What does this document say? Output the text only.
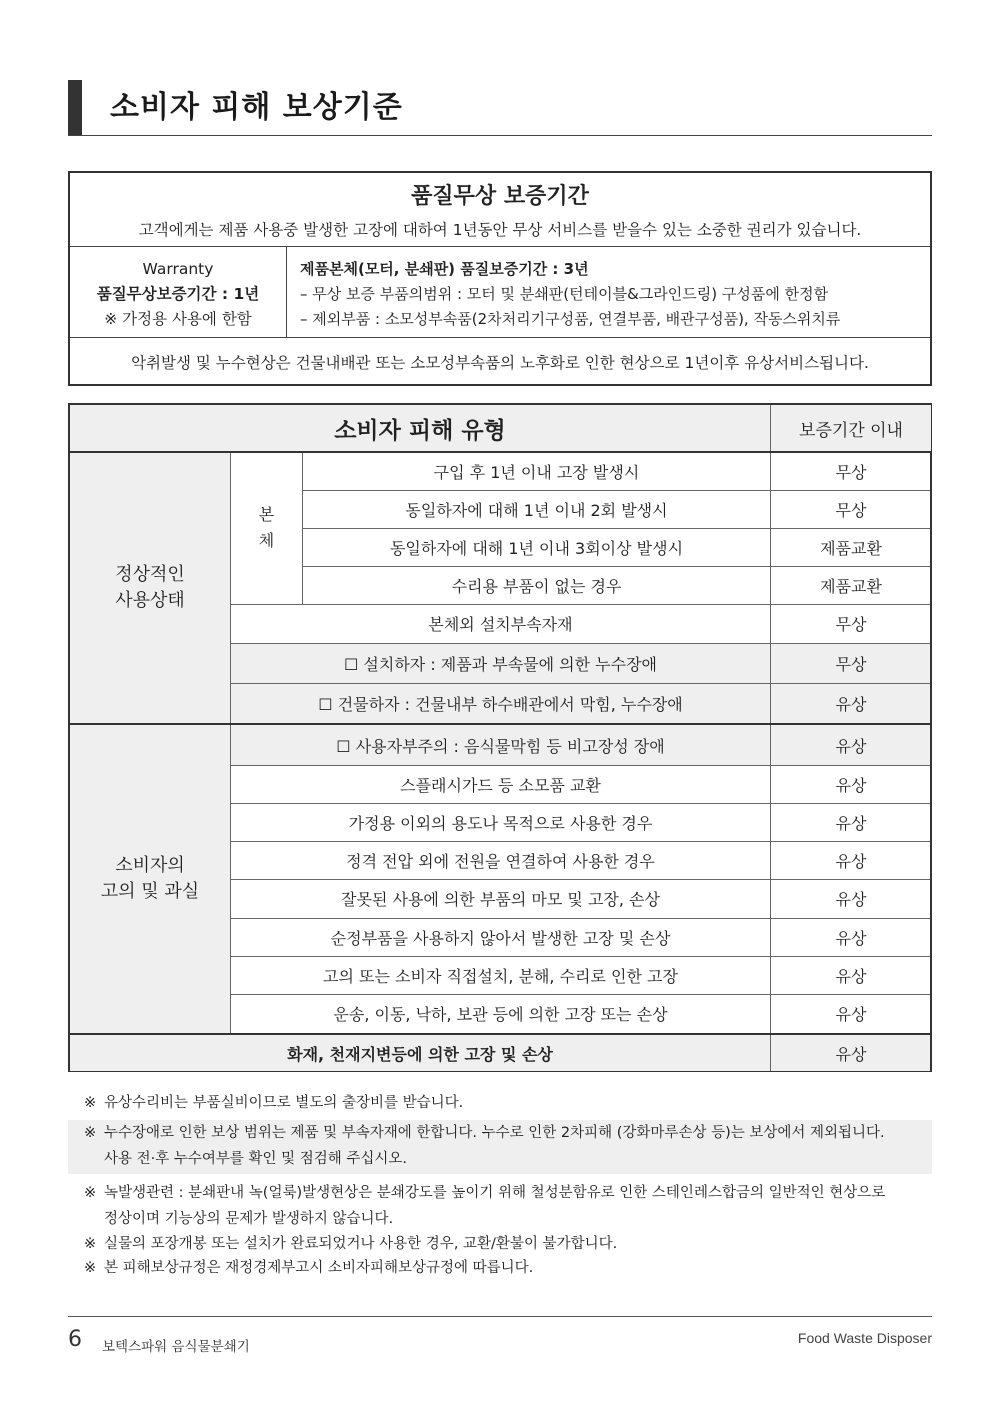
소비자 피해 보상기준
품질무상 보증기간
고객에게는 제품 사용중 발생한 고장에 대하여 1년동안 무상 서비스를 받을수 있는 소중한 권리가 있습니다.
Warranty
품질무상보증기간 : 1년
※ 가정용 사용에 한함
제품본체(모터, 분쇄판) 품질보증기간 : 3년
– 무상 보증 부품의범위 : 모터 및 분쇄판(턴테이블&그라인드링) 구성품에 한정함
– 제외부품 : 소모성부속품(2차처리기구성품, 연결부품, 배관구성품), 작동스위치류
악취발생 및 누수현상은 건물내배관 또는 소모성부속품의 노후화로 인한 현상으로 1년이후 유상서비스됩니다.
소비자 피해 유형	보증기간 이내
정상적인
사용상태
본
체
소비자의
고의 및 과실
구입 후 1년 이내 고장 발생시
동일하자에 대해 1년 이내 2회 발생시
동일하자에 대해 1년 이내 3회이상 발생시
수리용 부품이 없는 경우
본체외 설치부속자재
☐ 설치하자 : 제품과 부속물에 의한 누수장애
☐ 건물하자 : 건물내부 하수배관에서 막힘, 누수장애
☐ 사용자부주의 : 음식물막힘 등 비고장성 장애
스플래시가드 등 소모품 교환
가정용 이외의 용도나 목적으로 사용한 경우
정격 전압 외에 전원을 연결하여 사용한 경우
잘못된 사용에 의한 부품의 마모 및 고장, 손상
순정부품을 사용하지 않아서 발생한 고장 및 손상
고의 또는 소비자 직접설치, 분해, 수리로 인한 고장
운송, 이동, 낙하, 보관 등에 의한 고장 또는 손상
화재, 천재지변등에 의한 고장 및 손상
무상
무상
제품교환
제품교환
무상
무상
유상
유상
유상
유상
유상
유상
유상
유상
유상
유상
※ 유상수리비는 부품실비이므로 별도의 출장비를 받습니다.
※ 누수장애로 인한 보상 범위는 제품 및 부속자재에 한합니다. 누수로 인한 2차피해 (강화마루손상 등)는 보상에서 제외됩니다.
사용 전·후 누수여부를 확인 및 점검해 주십시오.
※ 녹발생관련 : 분쇄판내 녹(얼룩)발생현상은 분쇄강도를 높이기 위해 철성분함유로 인한 스테인레스합금의 일반적인 현상으로
정상이며 기능상의 문제가 발생하지 않습니다.
※ 실물의 포장개봉 또는 설치가 완료되었거나 사용한 경우, 교환/환불이 불가합니다.
※ 본 피해보상규정은 재정경제부고시 소비자피해보상규정에 따릅니다.
6 보텍스파워 음식물분쇄기
Food Waste Disposer
